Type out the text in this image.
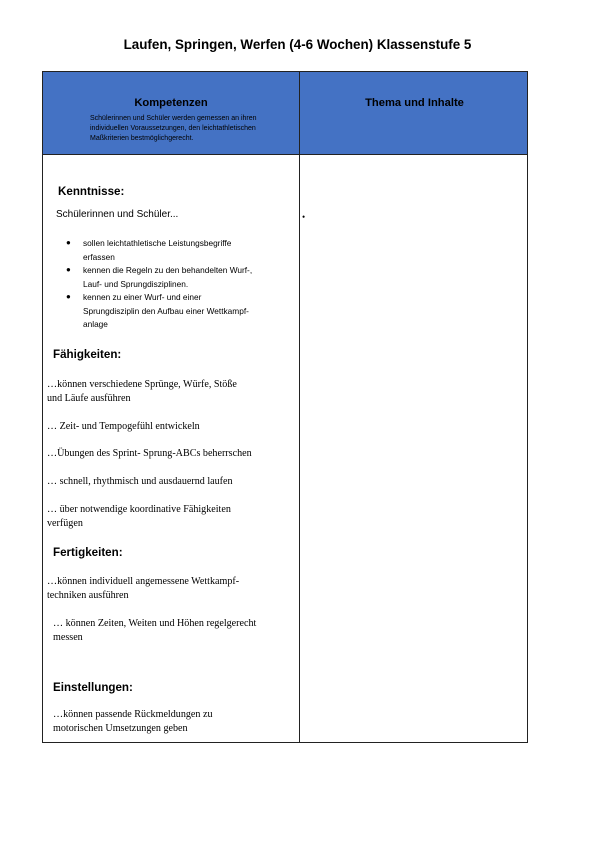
Laufen, Springen, Werfen (4-6 Wochen) Klassenstufe 5
Kompetenzen
Schülerinnen und Schüler werden gemessen an ihren
individuellen Voraussetzungen, den leichtathletischen
Maßkriterien bestmöglichgerecht.
Thema und Inhalte
Kenntnisse:
Schülerinnen und Schüler...
● sollen leichtathletische Leistungsbegriffe
erfassen
● kennen die Regeln zu den behandelten Wurf-,
Lauf- und Sprungdisziplinen.
● kennen zu einer Wurf- und einer
Sprungdisziplin den Aufbau einer Wettkampf-
anlage
Fähigkeiten:
…können verschiedene Sprünge, Würfe, Stöße
und Läufe ausführen
… Zeit- und Tempogefühl entwickeln
…Übungen des Sprint- Sprung-ABCs beherrschen
… schnell, rhythmisch und ausdauernd laufen
… über notwendige koordinative Fähigkeiten
verfügen
Fertigkeiten:
…können individuell angemessene Wettkampf-
techniken ausführen
… können Zeiten, Weiten und Höhen regelgerecht
messen
Einstellungen:
…können passende Rückmeldungen zu
motorischen Umsetzungen geben
•
